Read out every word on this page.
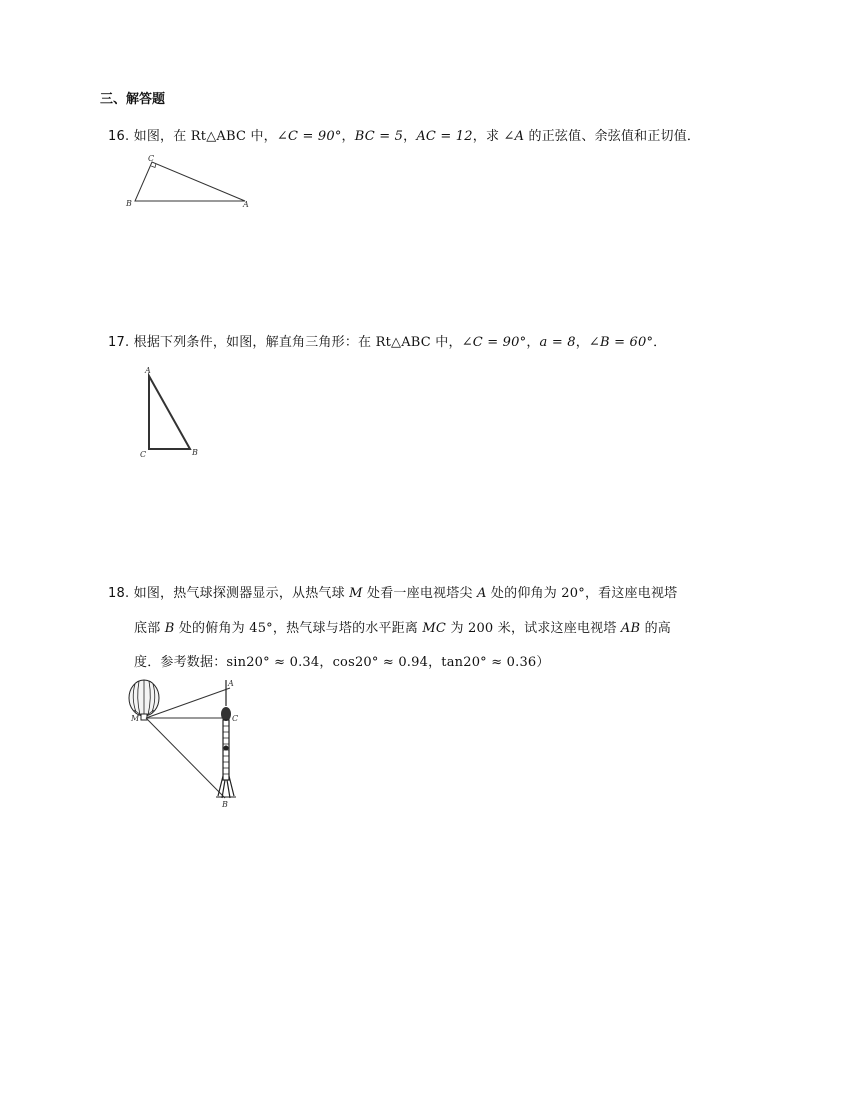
三、解答题
16. 如图，在 Rt△ABC 中，∠C = 90°，BC = 5，AC = 12，求 ∠A 的正弦值、余弦值和正切值．
C
B	A
17. 根据下列条件，如图，解直角三角形：在 Rt△ABC 中，∠C = 90°，a = 8，∠B = 60°．
A
C	B
18. 如图，热气球探测器显示，从热气球 M 处看一座电视塔尖 A 处的仰角为 20°，看这座电视塔
底部 B 处的俯角为 45°，热气球与塔的水平距离 MC 为 200 米，试求这座电视塔 AB 的高
度．参考数据：sin20° ≈ 0.34，cos20° ≈ 0.94，tan20° ≈ 0.36）
M
A
C
B
